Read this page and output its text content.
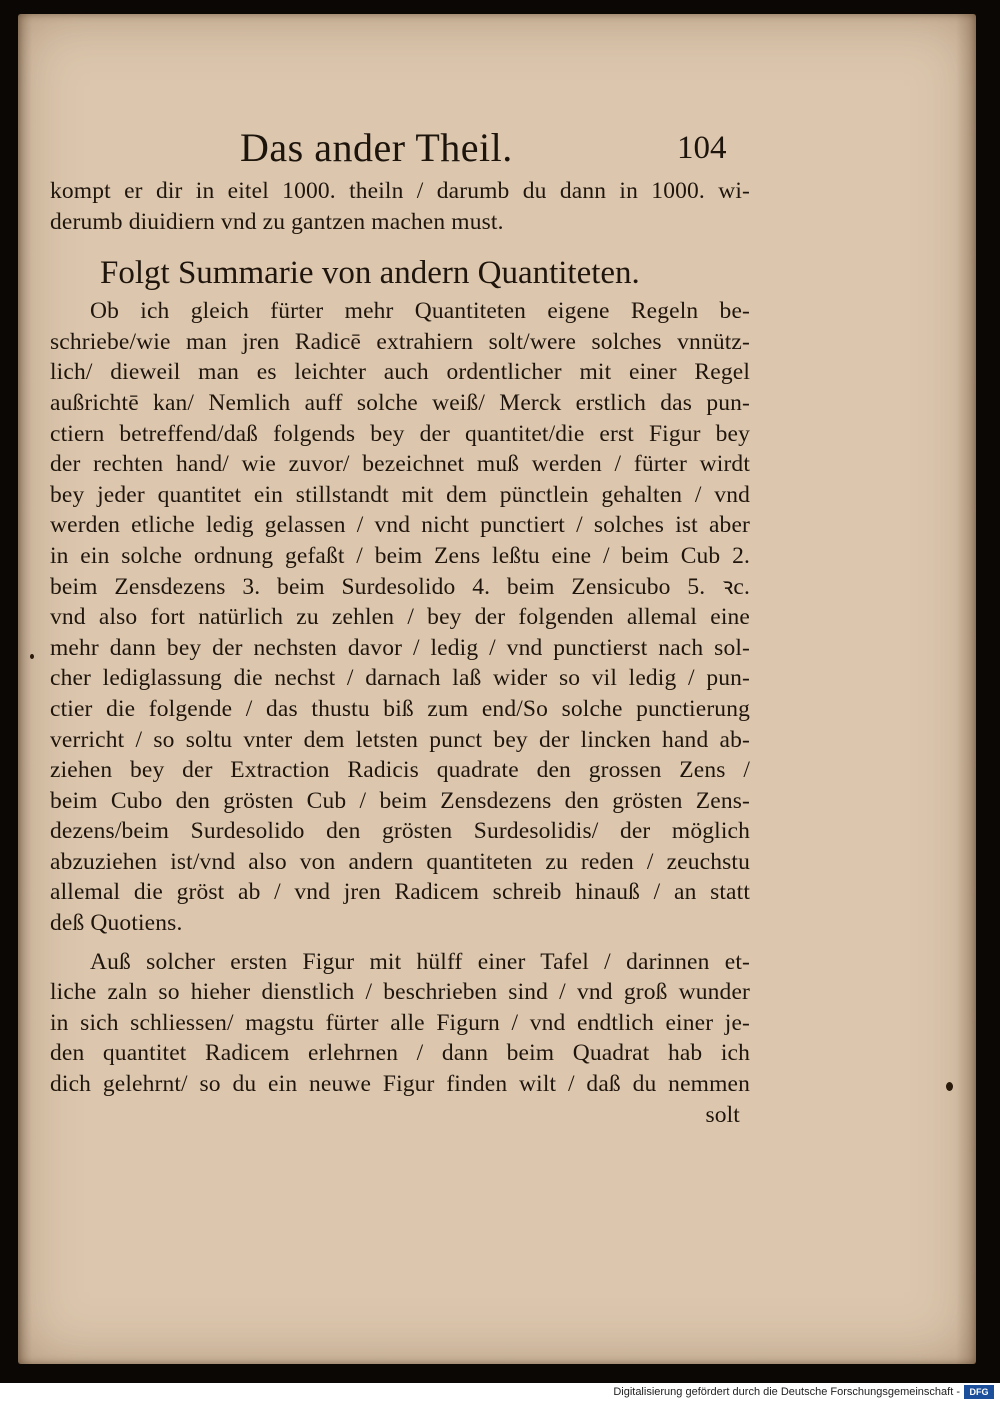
Das ander Theil.	104
kompt er dir in eitel 1000. theiln / darumb du dann in 1000. wi-
derumb diuidiern vnd zu gantzen machen must.
Folgt Summarie von andern Quantiteten.
Ob ich gleich fürter mehr Quantiteten eigene Regeln be-
schriebe/wie man jren Radicē extrahiern solt/were solches vnnütz-
lich/ dieweil man es leichter auch ordentlicher mit einer Regel
außrichtē kan/ Nemlich auff solche weiß/ Merck erstlich das pun-
ctiern betreffend/daß folgends bey der quantitet/die erst Figur bey
der rechten hand/ wie zuvor/ bezeichnet muß werden / fürter wirdt
bey jeder quantitet ein stillstandt mit dem pünctlein gehalten / vnd
werden etliche ledig gelassen / vnd nicht punctiert / solches ist aber
in ein solche ordnung gefaßt / beim Zens leßtu eine / beim Cub 2.
beim Zensdezens 3. beim Surdesolido 4. beim Zensicubo 5. ꝛc.
vnd also fort natürlich zu zehlen / bey der folgenden allemal eine
mehr dann bey der nechsten davor / ledig / vnd punctierst nach sol-
cher lediglassung die nechst / darnach laß wider so vil ledig / pun-
ctier die folgende / das thustu biß zum end/So solche punctierung
verricht / so soltu vnter dem letsten punct bey der lincken hand ab-
ziehen bey der Extraction Radicis quadrate den grossen Zens /
beim Cubo den grösten Cub / beim Zensdezens den grösten Zens-
dezens/beim Surdesolido den grösten Surdesolidis/ der möglich
abzuziehen ist/vnd also von andern quantiteten zu reden / zeuchstu
allemal die gröst ab / vnd jren Radicem schreib hinauß / an statt
deß Quotiens.
Auß solcher ersten Figur mit hülff einer Tafel / darinnen et-
liche zaln so hieher dienstlich / beschrieben sind / vnd groß wunder
in sich schliessen/ magstu fürter alle Figurn / vnd endtlich einer je-
den quantitet Radicem erlehrnen / dann beim Quadrat hab ich
dich gelehrnt/ so du ein neuwe Figur finden wilt / daß du nemmen
solt
Digitalisierung gefördert durch die Deutsche Forschungsgemeinschaft -	DFG
